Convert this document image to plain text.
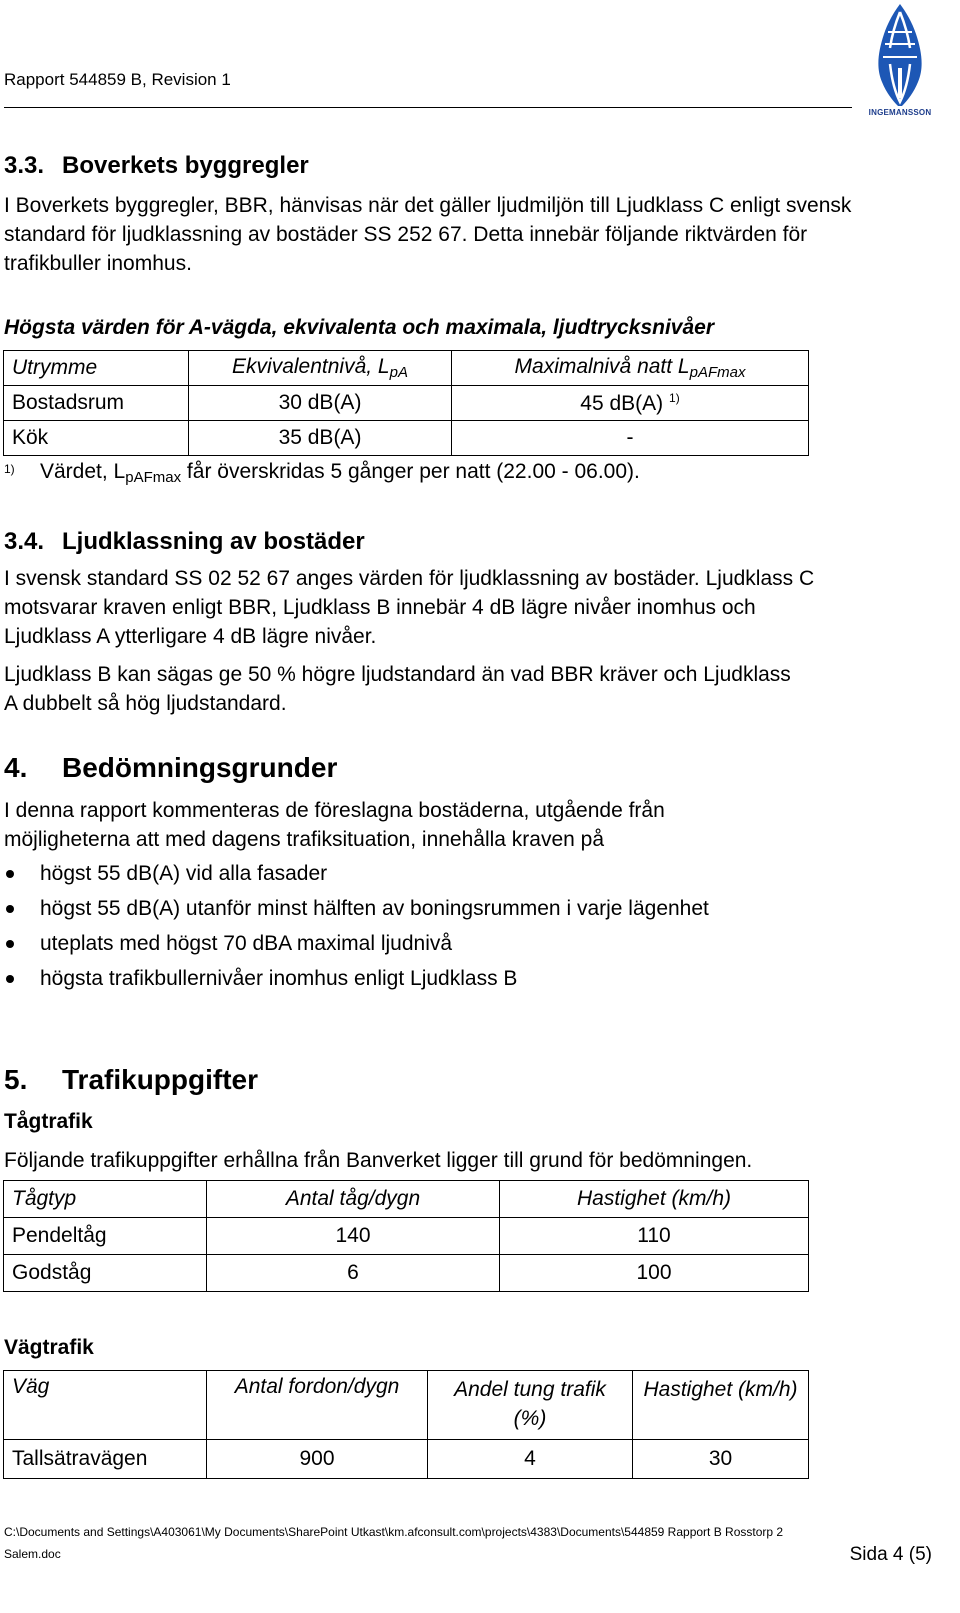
Rapport 544859 B, Revision 1
INGEMANSSON
3.3. Boverkets byggregler
I Boverkets byggregler, BBR, hänvisas när det gäller ljudmiljön till Ljudklass C enligt svensk standard för ljudklassning av bostäder SS 252 67. Detta innebär följande riktvärden för trafikbuller inomhus.
Högsta värden för A-vägda, ekvivalenta och maximala, ljudtrycksnivåer
Utrymme	Ekvivalentnivå, $L_{pA}$	Maximalnivå natt $L_{pAFmax}$
Bostadsrum	30 dB(A)	45 dB(A) $^{1)}$
Kök	35 dB(A)	-
1) Värdet, $L_{pAFmax}$ får överskridas 5 gånger per natt (22.00 - 06.00).
3.4. Ljudklassning av bostäder
I svensk standard SS 02 52 67 anges värden för ljudklassning av bostäder. Ljudklass C motsvarar kraven enligt BBR, Ljudklass B innebär 4 dB lägre nivåer inomhus och Ljudklass A ytterligare 4 dB lägre nivåer.
Ljudklass B kan sägas ge 50 % högre ljudstandard än vad BBR kräver och Ljudklass A dubbelt så hög ljudstandard.
4. Bedömningsgrunder
I denna rapport kommenteras de föreslagna bostäderna, utgående från möjligheterna att med dagens trafiksituation, innehålla kraven på
högst 55 dB(A) vid alla fasader
högst 55 dB(A) utanför minst hälften av boningsrummen i varje lägenhet
uteplats med högst 70 dBA maximal ljudnivå
högsta trafikbullernivåer inomhus enligt Ljudklass B
5. Trafikuppgifter
Tågtrafik
Följande trafikuppgifter erhållna från Banverket ligger till grund för bedömningen.
Tågtyp	Antal tåg/dygn	Hastighet (km/h)
Pendeltåg	140	110
Godståg	6	100
Vägtrafik
Väg	Antal fordon/dygn	Andel tung trafik (%)	Hastighet (km/h)
Tallsätravägen	900	4	30
C:\Documents and Settings\A403061\My Documents\SharePoint Utkast\km.afconsult.com\projects\4383\Documents\544859 Rapport B Rosstorp 2 Salem.doc	Sida 4 (5)
